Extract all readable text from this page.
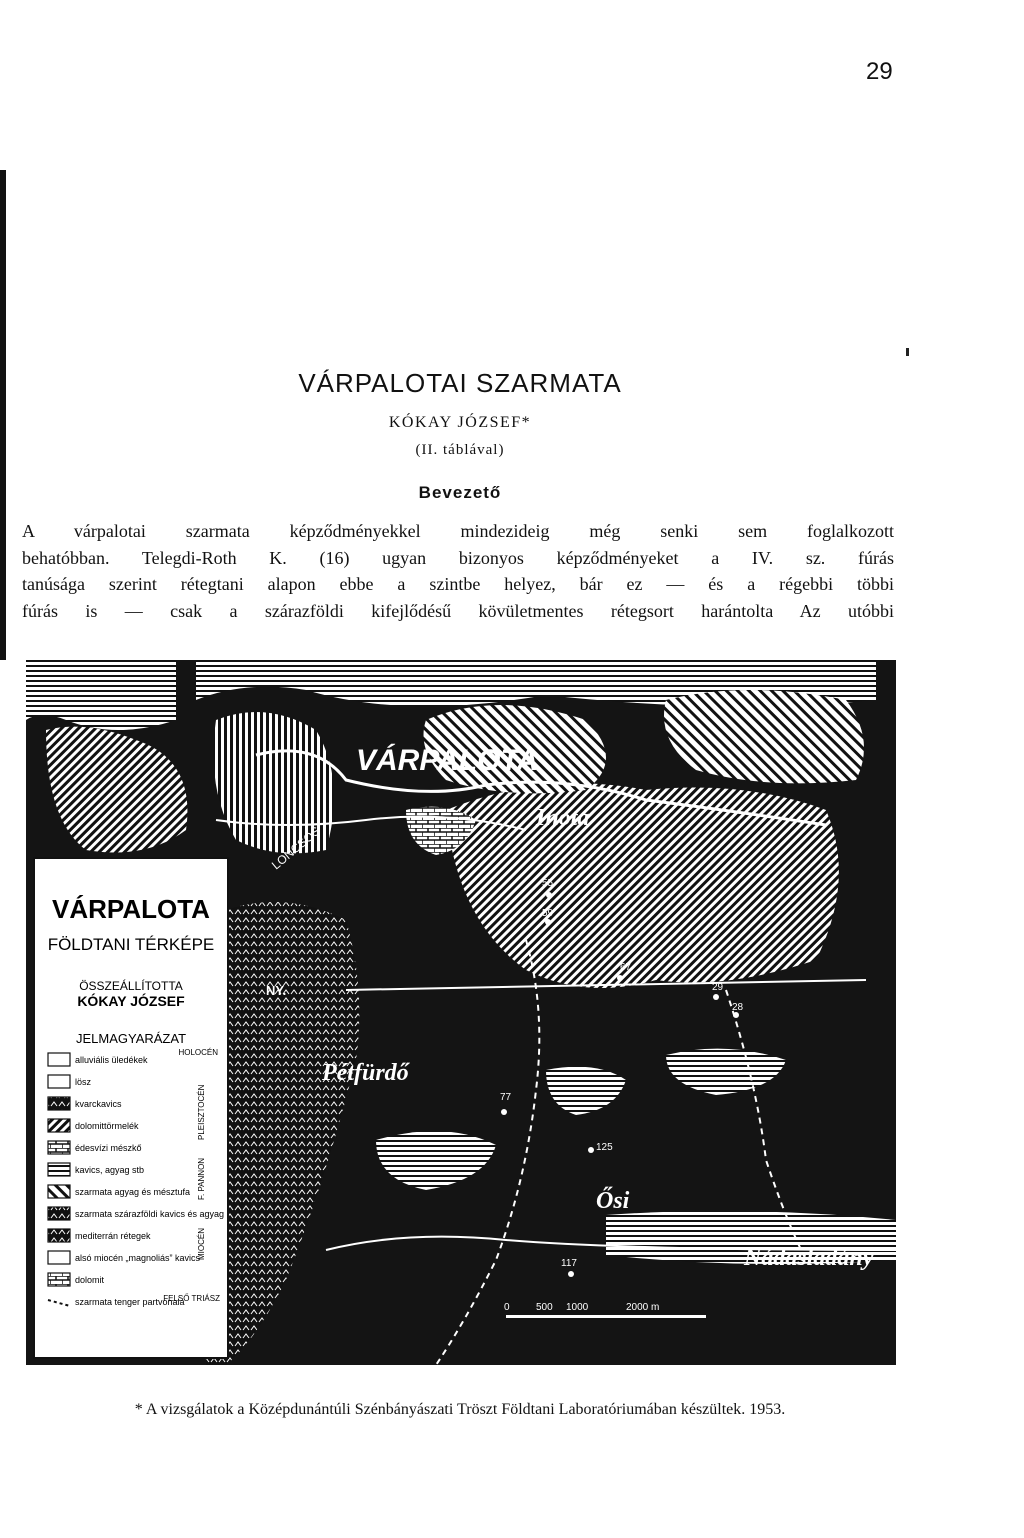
29
VÁRPALOTAI SZARMATA
KÓKAY JÓZSEF*
(II. táblával)
Bevezető
A várpalotai szarmata képződményekkel mindezideig még senki sem foglalkozott
behatóbban. Telegdi-Roth K. (16) ugyan bizonyos képződményeket a IV. sz. fúrás
tanúsága szerint rétegtani alapon ebbe a szintbe helyez, bár ez — és a régebbi többi
fúrás is — csak a szárazföldi kifejlődésű kövületmentes rétegsort harántolta Az utóbbi
VÁRPALOTA
FÖLDTANI TÉRKÉPE
ÖSSZEÁLLÍTOTTA
KÓKAY JÓZSEF
JELMAGYARÁZAT
alluviális üledékek
lösz
kvarckavics
dolomittörmelék
édesvízi mészkő
kavics, agyag stb
szarmata agyag és mésztufa
szarmata szárazföldi kavics és agyag
mediterrán rétegek
alsó miocén „magnoliás” kavics
dolomit
szarmata tenger partvonala
HOLOCÉN
PLEISZTOCÉN
F. PANNON
MIOCÉN
FELSŐ TRIÁSZ
VÁRPALOTA
Inota
Pétfürdő
Ősi
Nádasladány
LONCSOS
NY.
55
59
67
29
28
77
125
117
0	500 1000	2000 m
* A vizsgálatok a Középdunántúli Szénbányászati Tröszt Földtani Laboratóriumában készültek. 1953.
